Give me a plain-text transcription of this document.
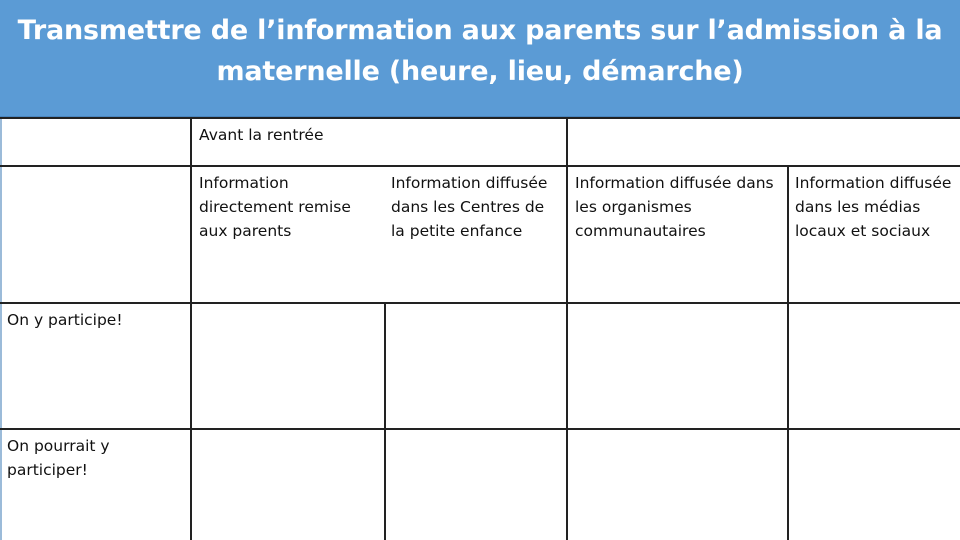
Transmettre de l’information aux parents sur l’admission à la maternelle (heure, lieu, démarche)
Avant la rentrée
Information directement remise aux parents
Information diffusée dans les Centres de la petite enfance
Information diffusée dans les organismes communautaires
Information diffusée dans les médias locaux et sociaux
On y participe!
On pourrait y participer!
